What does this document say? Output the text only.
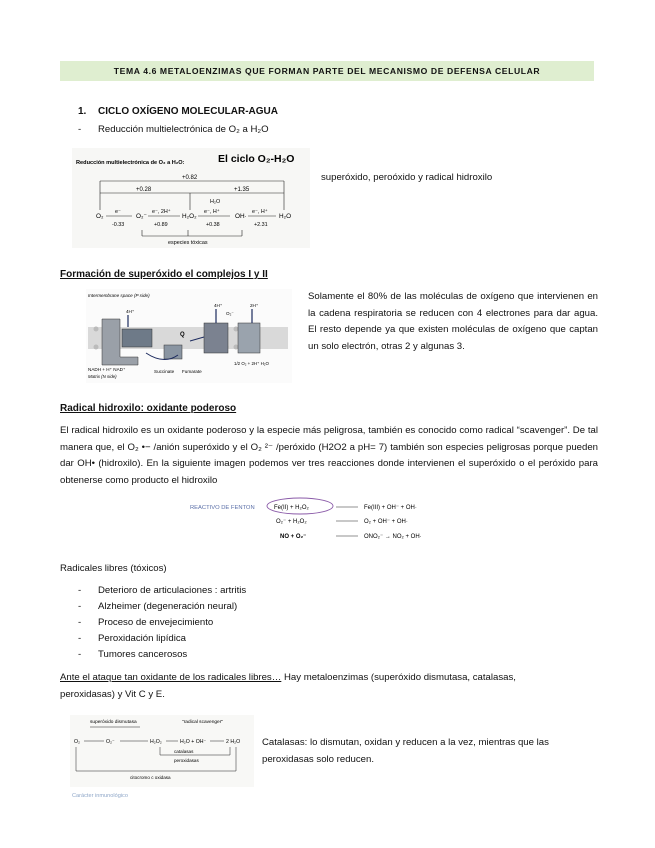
TEMA 4.6 METALOENZIMAS QUE FORMAN PARTE DEL MECANISMO DE DEFENSA CELULAR
1. CICLO OXÍGENO MOLECULAR-AGUA
- Reducción multielectrónica de O₂ a H₂O
Reducción multielectrónica de O₂ a H₂O:	El ciclo O₂-H₂O
+0.82
+0.28	+1.35
O₂	O₂⁻	H₂O₂	OH·	H₂O
e⁻	e⁻, 2H⁺	e⁻, H⁺	e⁻, H⁺
H₂O
-0.33	+0.89	+0.38	+2.31
especies tóxicas
superóxido, peroóxido y radical hidroxilo
Formación de superóxido el complejos I y II
Intermembrane space (P side)
Q
4H⁺
4H⁺	2H⁺
O₂⁻
NADH + H⁺ NAD⁺
Matrix (N side)
Succinate Fumarate
1/2 O₂ + 2H⁺ H₂O
Solamente el 80% de las moléculas de oxígeno que intervienen en la cadena respiratoria se reducen con 4 electrones para dar agua. El resto depende ya que existen moléculas de oxígeno que captan un solo electrón, otras 2 y algunas 3.
Radical hidroxilo: oxidante poderoso
El radical hidroxilo es un oxidante poderoso y la especie más peligrosa, también es conocido como radical “scavenger”. De tal manera que, el O₂ •− /anión superóxido y el O₂ ²⁻ /peróxido (H2O2 a pH= 7) también son especies peligrosas porque pueden dar OH• (hidroxilo). En la siguiente imagen podemos ver tres reacciones donde intervienen el superóxido o el peróxido para obtenerse como producto el hidroxilo
REACTIVO DE FENTON	Fe(II) + H₂O₂	Fe(III) + OH⁻ + OH·
O₂⁻ + H₂O₂	O₂ + OH⁻ + OH·
NO + O₂⁻	ONO₂⁻ → NO₂ + OH·
Radicales libres (tóxicos)
- Deterioro de articulaciones : artritis
- Alzheimer (degeneración neural)
- Proceso de envejecimiento
- Peroxidación lipídica
- Tumores cancerosos
Ante el ataque tan oxidante de los radicales libres… Hay metaloenzimas (superóxido dismutasa, catalasas,
peroxidasas) y Vit C y E.
superóxido dismutasa	"radical scavenger"
O₂	O₂⁻	H₂O₂	H₂O + OH⁻	2 H₂O
catalasas
peroxidasas
citocromo c oxidasa
Carácter inmunológico
Catalasas: lo dismutan, oxidan y reducen a la vez, mientras que las peroxidasas solo reducen.
